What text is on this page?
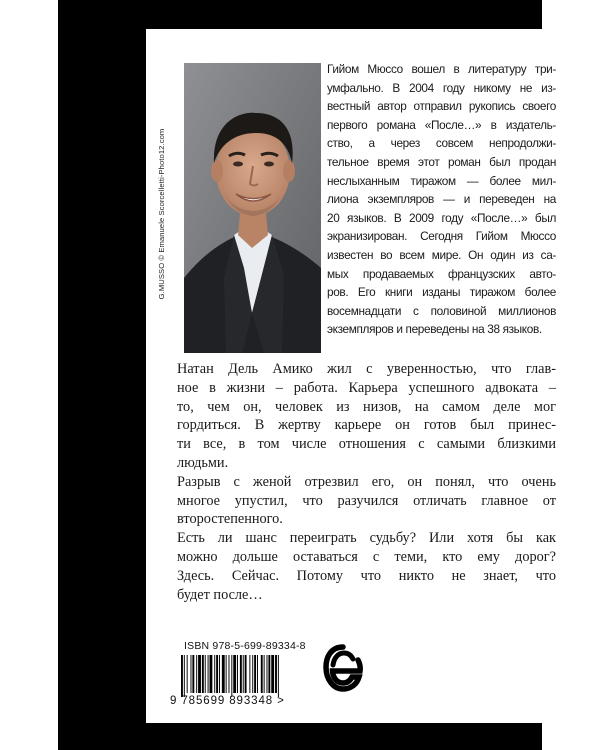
G.MUSSO © Emanuele Scorcelletti-Photo12.com
Гийом Мюссо вошел в литературу три-
умфально. В 2004 году никому не из-
вестный автор отправил рукопись своего
первого романа «После…» в издатель-
ство, а через совсем непродолжи-
тельное время этот роман был продан
неслыханным тиражом — более мил-
лиона экземпляров — и переведен на
20 языков. В 2009 году «После…» был
экранизирован. Сегодня Гийом Мюссо
известен во всем мире. Он один из са-
мых продаваемых французских авто-
ров. Его книги изданы тиражом более
восемнадцати с половиной миллионов
экземпляров и переведены на 38 языков.
Натан Дель Амико жил с уверенностью, что глав-
ное в жизни – работа. Карьера успешного адвоката –
то, чем он, человек из низов, на самом деле мог
гордиться. В жертву карьере он готов был принес-
ти все, в том числе отношения с самыми близкими
людьми.
Разрыв с женой отрезвил его, он понял, что очень
многое упустил, что разучился отличать главное от
второстепенного.
Есть ли шанс переиграть судьбу? Или хотя бы как
можно дольше оставаться с теми, кто ему дорог?
Здесь. Сейчас. Потому что никто не знает, что
будет после…
ISBN 978-5-699-89334-8
9 785699 893348 >
